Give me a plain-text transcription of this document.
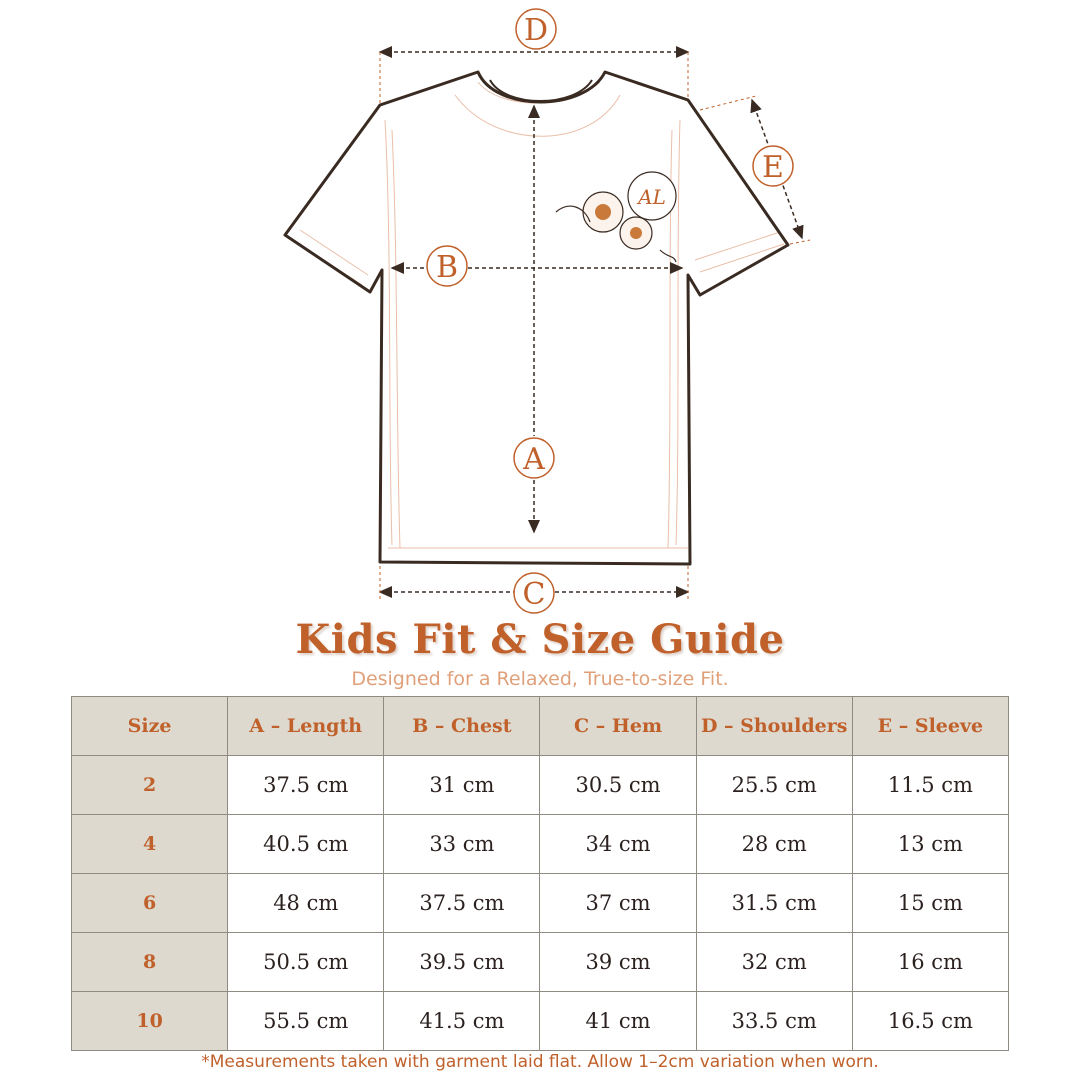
AL
D
E
B
A
C
Kids Fit & Size Guide
Designed for a Relaxed, True-to-size Fit.
Size	A – Length	B – Chest	C – Hem	D – Shoulders	E – Sleeve
2	37.5 cm	31 cm	30.5 cm	25.5 cm	11.5 cm
4	40.5 cm	33 cm	34 cm	28 cm	13 cm
6	48 cm	37.5 cm	37 cm	31.5 cm	15 cm
8	50.5 cm	39.5 cm	39 cm	32 cm	16 cm
10	55.5 cm	41.5 cm	41 cm	33.5 cm	16.5 cm
*Measurements taken with garment laid flat. Allow 1–2cm variation when worn.
